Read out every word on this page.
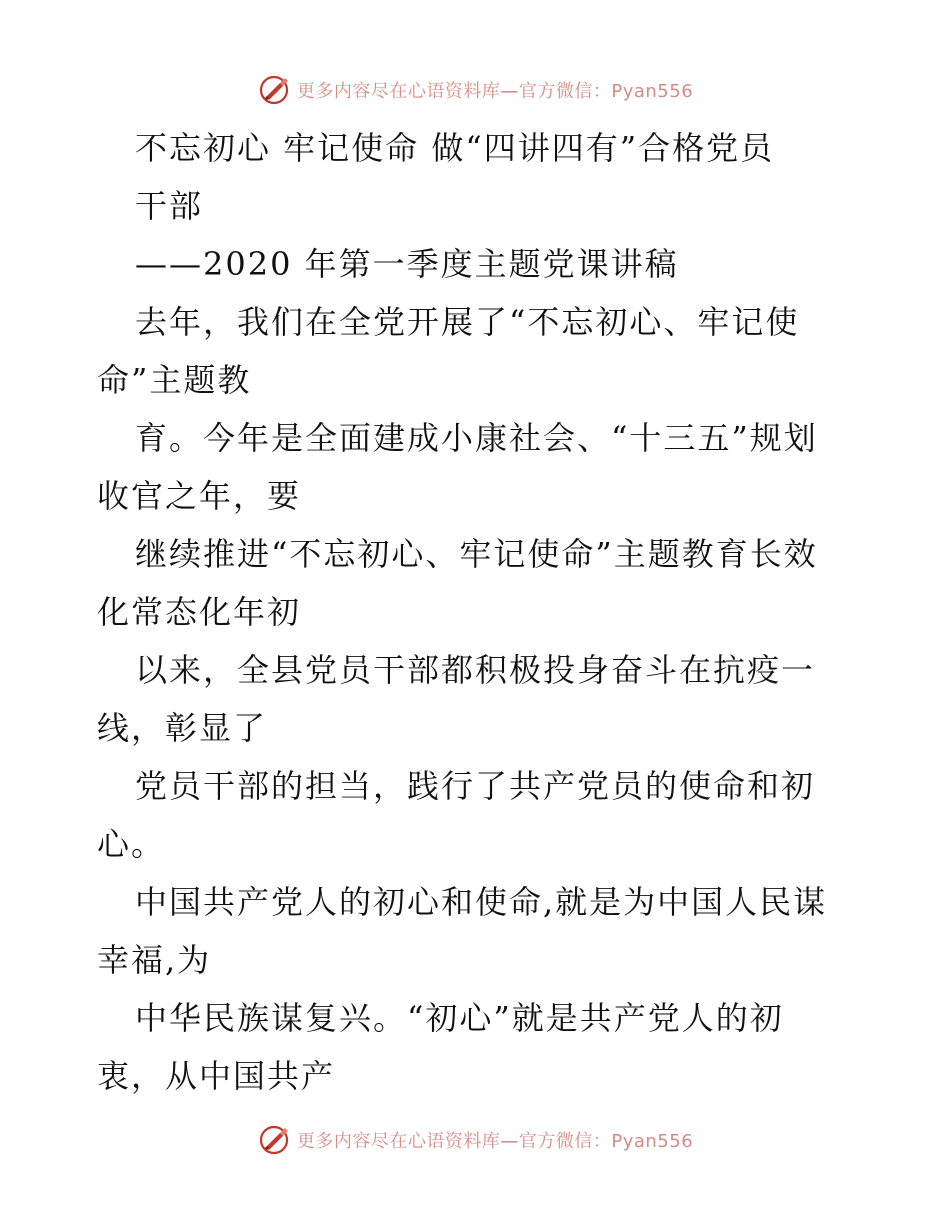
更多内容尽在心语资料库—官方微信：Pyan556
不忘初心 牢记使命 做“四讲四有”合格党员
干部
——2020 年第一季度主题党课讲稿
去年，我们在全党开展了“不忘初心、牢记使
命”主题教
育。今年是全面建成小康社会、“十三五”规划
收官之年，要
继续推进“不忘初心、牢记使命”主题教育长效
化常态化年初
以来，全县党员干部都积极投身奋斗在抗疫一
线，彰显了
党员干部的担当，践行了共产党员的使命和初
心。
中国共产党人的初心和使命,就是为中国人民谋
幸福,为
中华民族谋复兴。“初心”就是共产党人的初
衷，从中国共产
更多内容尽在心语资料库—官方微信：Pyan556
